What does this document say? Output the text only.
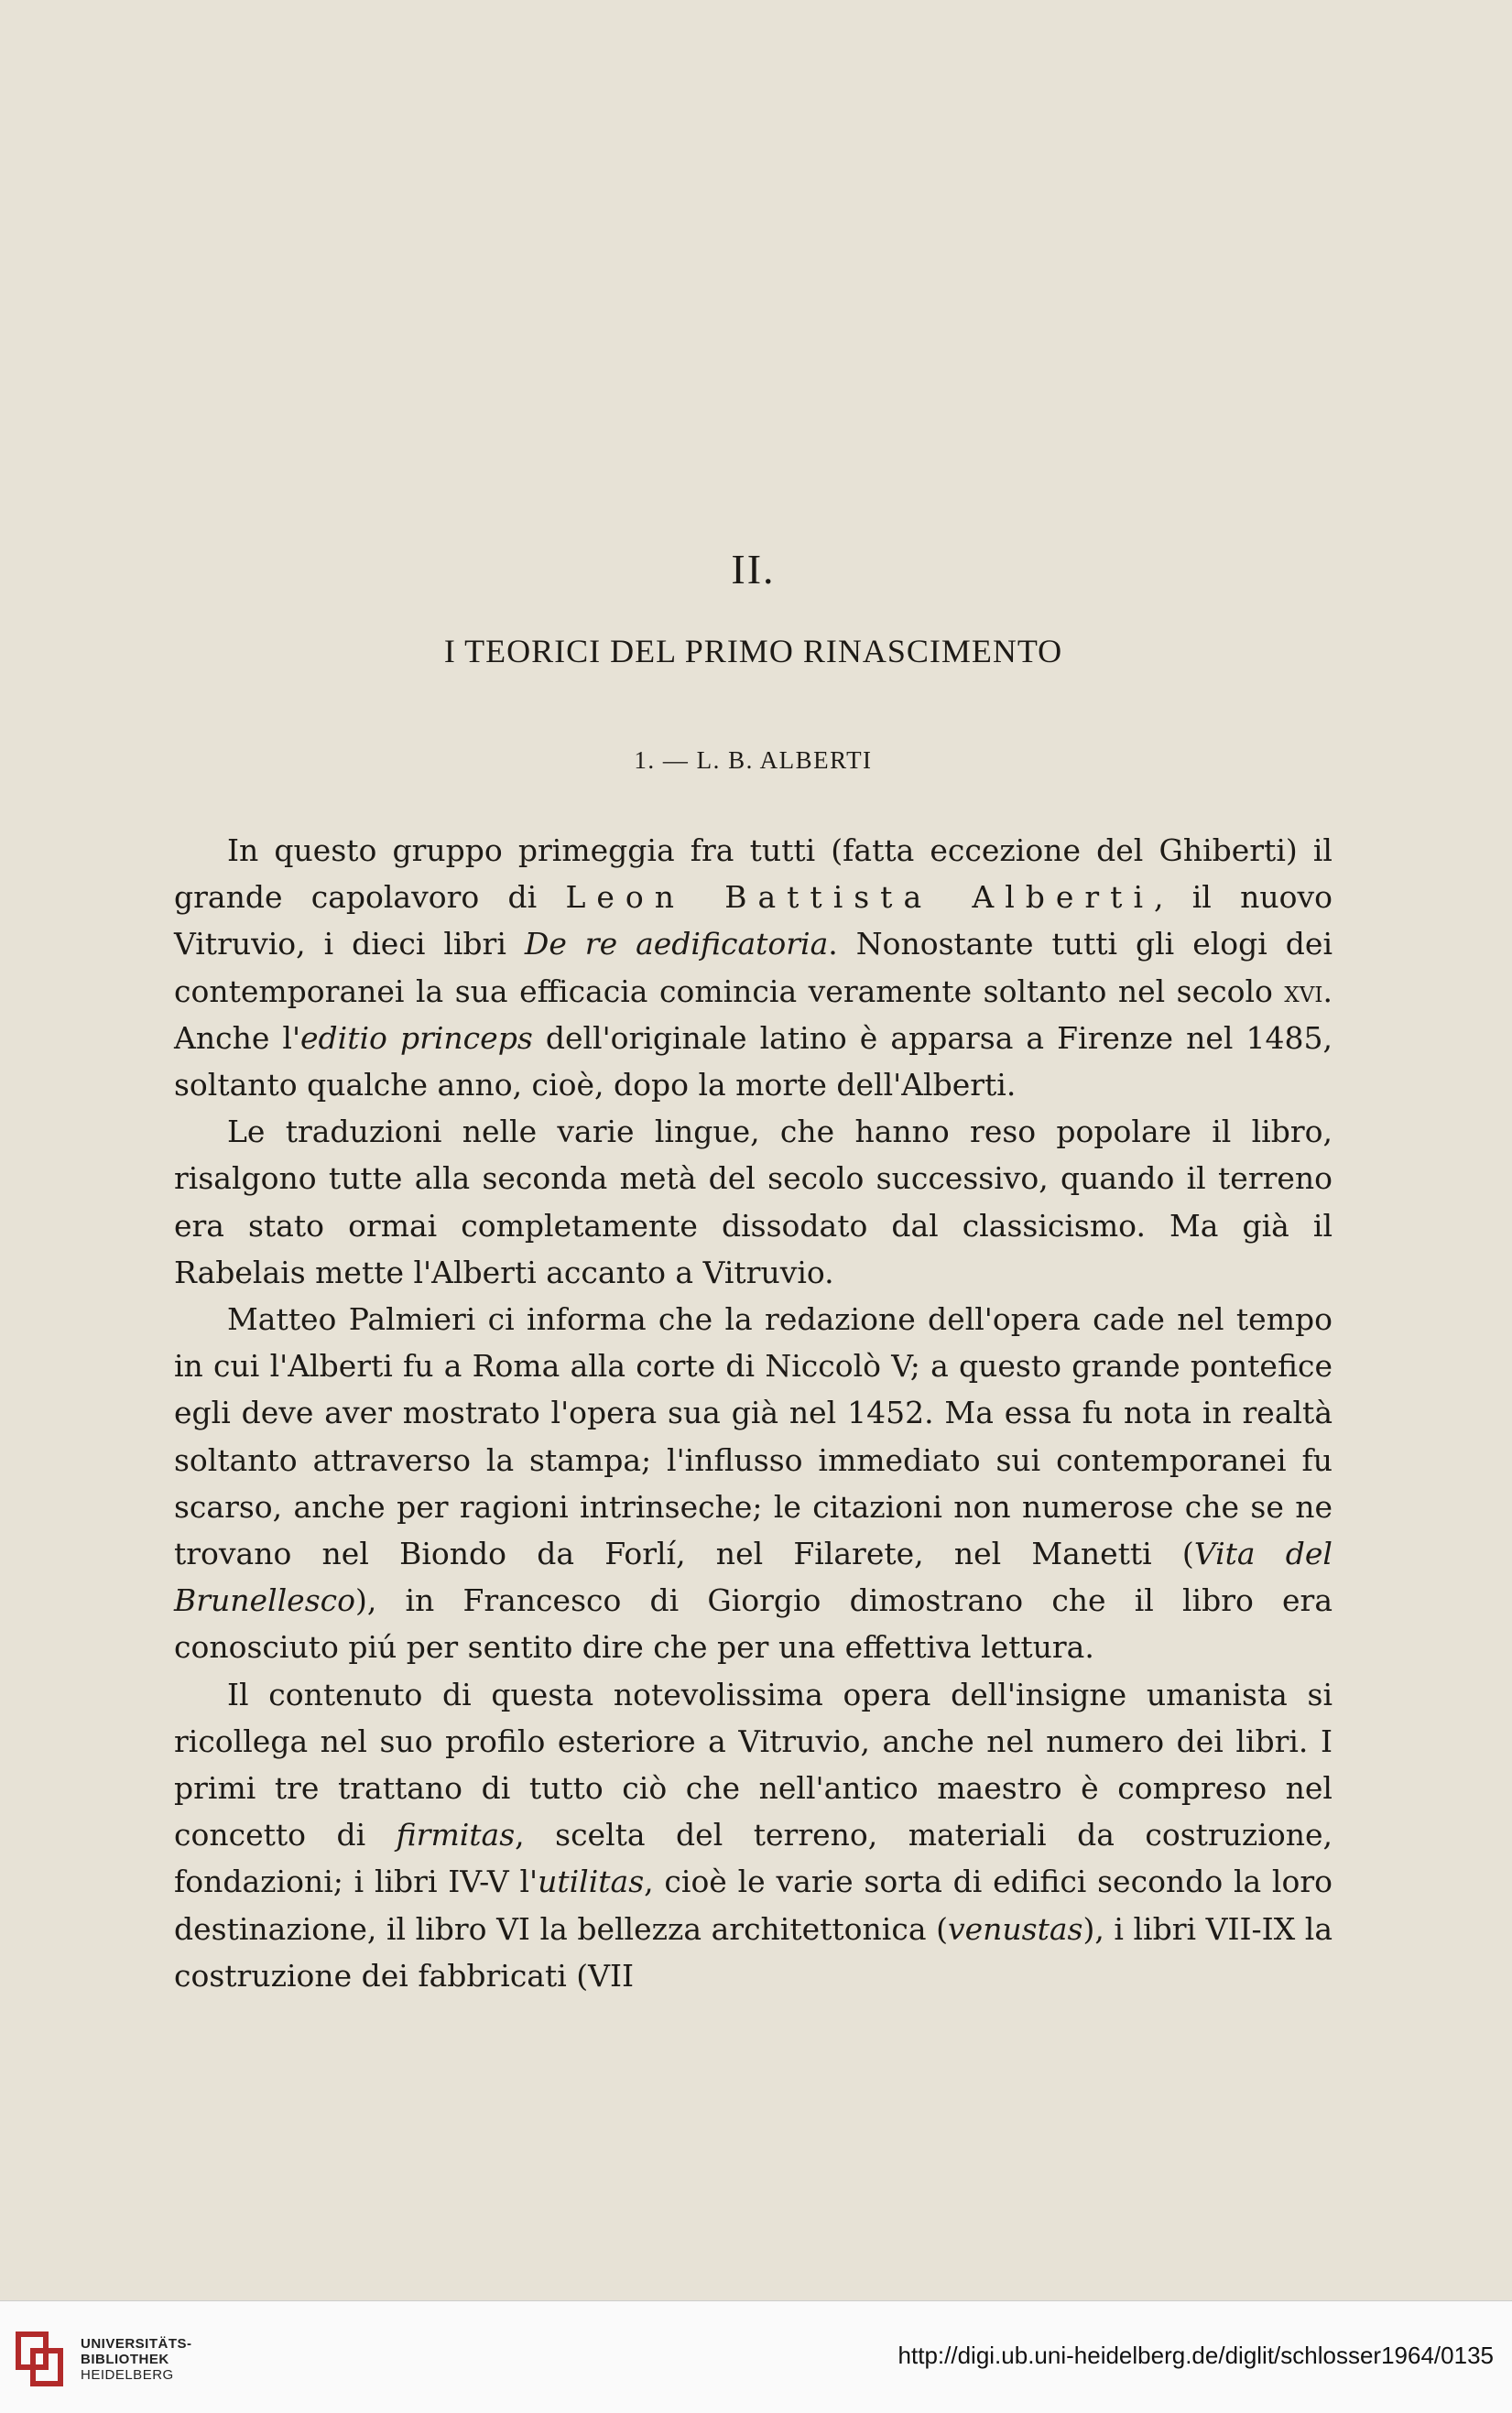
II.
I TEORICI DEL PRIMO RINASCIMENTO
1. — L. B. ALBERTI

In questo gruppo primeggia fra tutti (fatta eccezione del Ghiberti) il grande capolavoro di Leon Battista Alberti, il nuovo Vitruvio, i dieci libri De re aedificatoria. Nonostante tutti gli elogi dei contemporanei la sua efficacia comincia veramente soltanto nel secolo xvi. Anche l'editio princeps dell'originale latino è apparsa a Firenze nel 1485, soltanto qualche anno, cioè, dopo la morte dell'Alberti.

Le traduzioni nelle varie lingue, che hanno reso popolare il libro, risalgono tutte alla seconda metà del secolo successivo, quando il terreno era stato ormai completamente dissodato dal classicismo. Ma già il Rabelais mette l'Alberti accanto a Vitruvio.

Matteo Palmieri ci informa che la redazione dell'opera cade nel tempo in cui l'Alberti fu a Roma alla corte di Niccolò V; a questo grande pontefice egli deve aver mostrato l'opera sua già nel 1452. Ma essa fu nota in realtà soltanto attraverso la stampa; l'influsso immediato sui contemporanei fu scarso, anche per ragioni intrinseche; le citazioni non numerose che se ne trovano nel Biondo da Forlí, nel Filarete, nel Manetti (Vita del Brunellesco), in Francesco di Giorgio dimostrano che il libro era conosciuto piú per sentito dire che per una effettiva lettura.

Il contenuto di questa notevolissima opera dell'insigne umanista si ricollega nel suo profilo esteriore a Vitruvio, anche nel numero dei libri. I primi tre trattano di tutto ciò che nell'antico maestro è compreso nel concetto di firmitas, scelta del terreno, materiali da costruzione, fondazioni; i libri IV-V l'utilitas, cioè le varie sorta di edifici secondo la loro destinazione, il libro VI la bellezza architettonica (venustas), i libri VII-IX la costruzione dei fabbricati (VII

UNIVERSITÄTS-
BIBLIOTHEK
HEIDELBERG
http://digi.ub.uni-heidelberg.de/diglit/schlosser1964/0135
